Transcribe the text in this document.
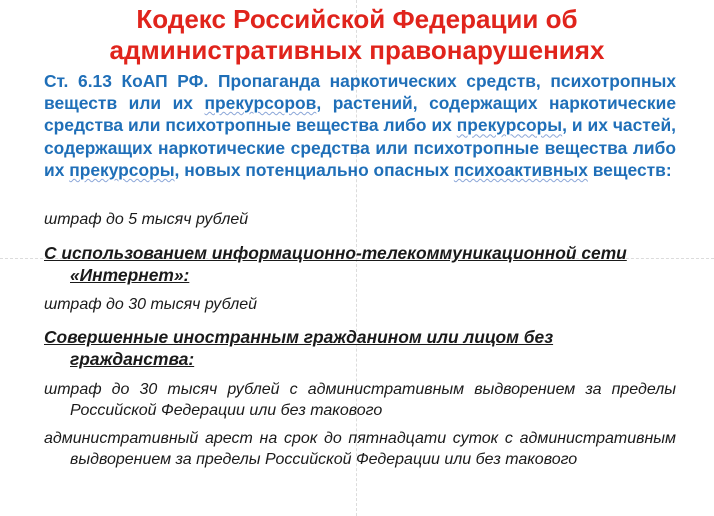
Кодекс Российской Федерации об
административных правонарушениях

Ст. 6.13 КоАП РФ. Пропаганда наркотических средств, психотропных веществ или их прекурсоров, растений, содержащих наркотические средства или психотропные вещества либо их прекурсоры, и их частей, содержащих наркотические средства или психотропные вещества либо их прекурсоры, новых потенциально опасных психоактивных веществ:

штраф до 5 тысяч рублей

С использованием информационно-телекоммуникационной сети «Интернет»:

штраф до 30 тысяч рублей

Совершенные иностранным гражданином или лицом без гражданства:

штраф до 30 тысяч рублей с административным выдворением за пределы Российской Федерации или без такового

административный арест на срок до пятнадцати суток с административным выдворением за пределы Российской Федерации или без такового
